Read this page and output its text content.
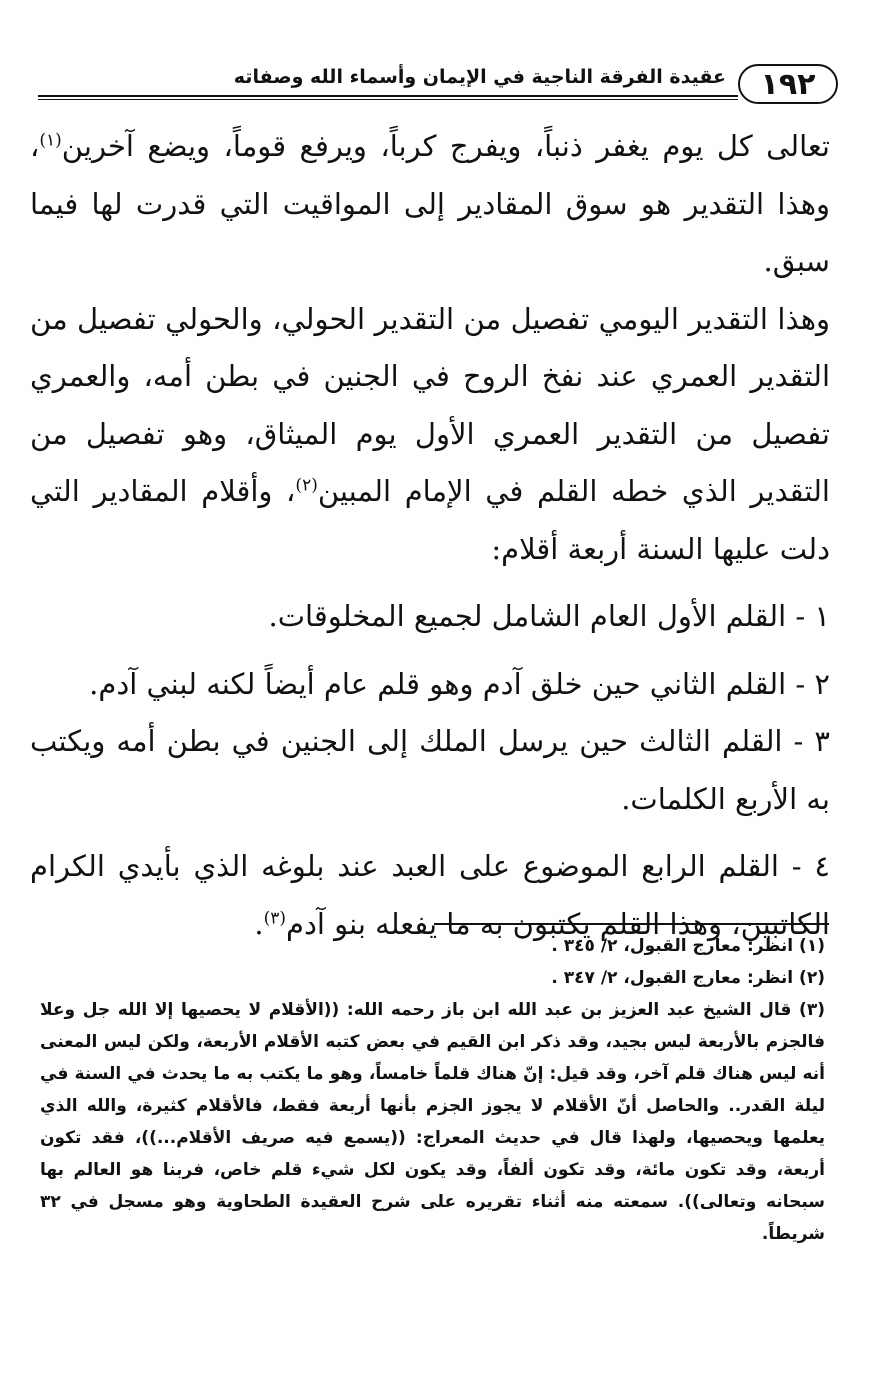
١٩٢
عقيدة الفرقة الناجية في الإيمان وأسماء الله وصفاته

تعالى كل يوم يغفر ذنباً، ويفرج كرباً، ويرفع قوماً، ويضع آخرين$^{(١)}$، وهذا التقدير هو سوق المقادير إلى المواقيت التي قدرت لها فيما سبق.

وهذا التقدير اليومي تفصيل من التقدير الحولي، والحولي تفصيل من التقدير العمري عند نفخ الروح في الجنين في بطن أمه، والعمري تفصيل من التقدير العمري الأول يوم الميثاق، وهو تفصيل من التقدير الذي خطه القلم في الإمام المبين$^{(٢)}$، وأقلام المقادير التي دلت عليها السنة أربعة أقلام:

١ - القلم الأول العام الشامل لجميع المخلوقات.

٢ - القلم الثاني حين خلق آدم وهو قلم عام أيضاً لكنه لبني آدم.

٣ - القلم الثالث حين يرسل الملك إلى الجنين في بطن أمه ويكتب به الأربع الكلمات.

٤ - القلم الرابع الموضوع على العبد عند بلوغه الذي بأيدي الكرام الكاتبين، وهذا القلم يكتبون به ما يفعله بنو آدم$^{(٣)}$.

(١) انظر: معارج القبول، ٢/ ٣٤٥ .

(٢) انظر: معارج القبول، ٢/ ٣٤٧ .

(٣) قال الشيخ عبد العزيز بن عبد الله ابن باز رحمه الله: ((الأقلام لا يحصيها إلا الله جل وعلا فالجزم بالأربعة ليس بجيد، وقد ذكر ابن القيم في بعض كتبه الأقلام الأربعة، ولكن ليس المعنى أنه ليس هناك قلم آخر، وقد قيل: إنّ هناك قلماً خامساً، وهو ما يكتب به ما يحدث في السنة في ليلة القدر.. والحاصل أنّ الأقلام لا يجوز الجزم بأنها أربعة فقط، فالأقلام كثيرة، والله الذي يعلمها ويحصيها، ولهذا قال في حديث المعراج: ((يسمع فيه صريف الأقلام...))، فقد تكون أربعة، وقد تكون مائة، وقد تكون ألفاً، وقد يكون لكل شيء قلم خاص، فربنا هو العالم بها سبحانه وتعالى)). سمعته منه أثناء تقريره على شرح العقيدة الطحاوية وهو مسجل في ٣٢ شريطاً.
